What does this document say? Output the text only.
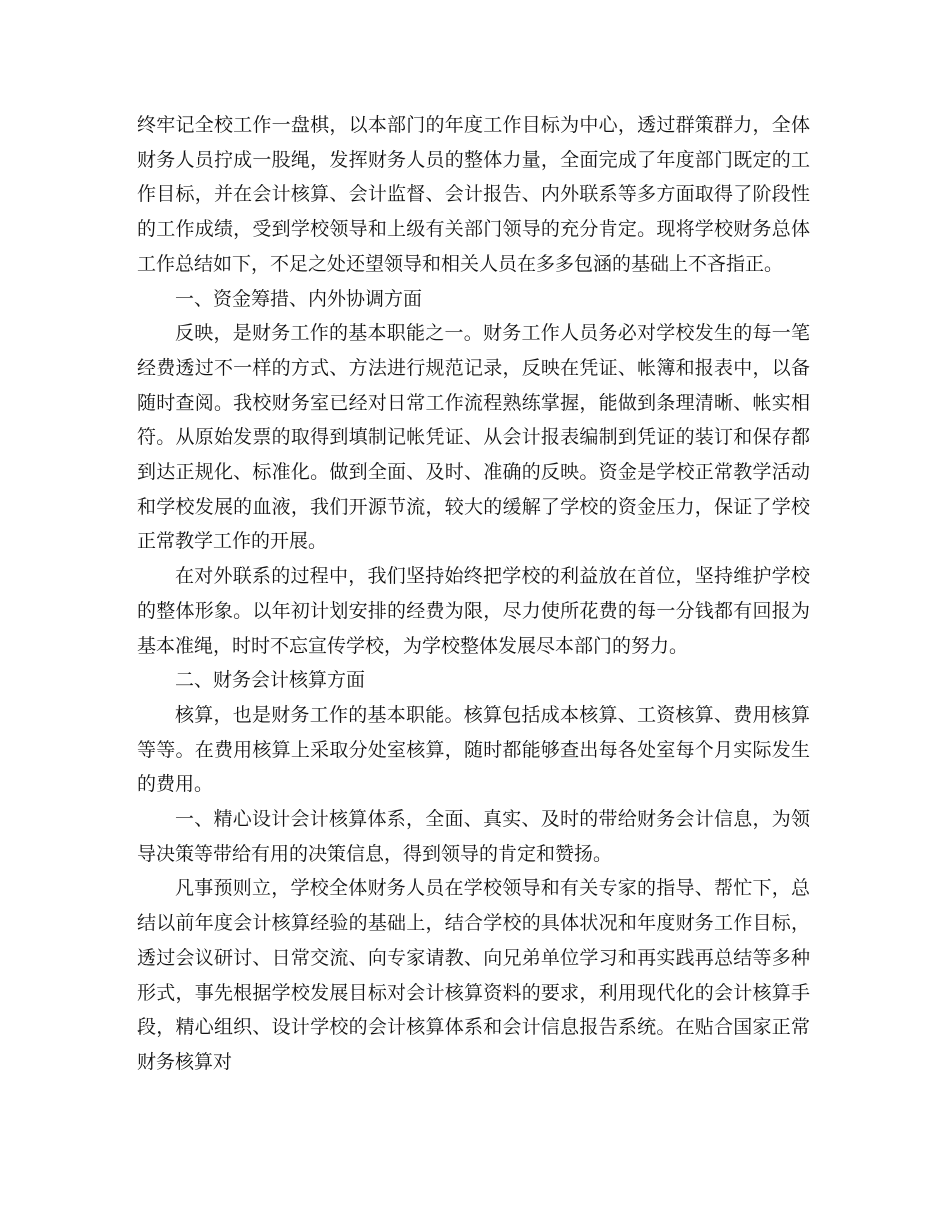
终牢记全校工作一盘棋，以本部门的年度工作目标为中心，透过群策群力，全体财务人员拧成一股绳，发挥财务人员的整体力量，全面完成了年度部门既定的工作目标，并在会计核算、会计监督、会计报告、内外联系等多方面取得了阶段性的工作成绩，受到学校领导和上级有关部门领导的充分肯定。现将学校财务总体工作总结如下，不足之处还望领导和相关人员在多多包涵的基础上不吝指正。

一、资金筹措、内外协调方面

反映，是财务工作的基本职能之一。财务工作人员务必对学校发生的每一笔经费透过不一样的方式、方法进行规范记录，反映在凭证、帐簿和报表中，以备随时查阅。我校财务室已经对日常工作流程熟练掌握，能做到条理清晰、帐实相符。从原始发票的取得到填制记帐凭证、从会计报表编制到凭证的装订和保存都到达正规化、标准化。做到全面、及时、准确的反映。资金是学校正常教学活动和学校发展的血液，我们开源节流，较大的缓解了学校的资金压力，保证了学校正常教学工作的开展。

在对外联系的过程中，我们坚持始终把学校的利益放在首位，坚持维护学校的整体形象。以年初计划安排的经费为限，尽力使所花费的每一分钱都有回报为基本准绳，时时不忘宣传学校，为学校整体发展尽本部门的努力。

二、财务会计核算方面

核算，也是财务工作的基本职能。核算包括成本核算、工资核算、费用核算等等。在费用核算上采取分处室核算，随时都能够查出每各处室每个月实际发生的费用。

一、精心设计会计核算体系，全面、真实、及时的带给财务会计信息，为领导决策等带给有用的决策信息，得到领导的肯定和赞扬。

凡事预则立，学校全体财务人员在学校领导和有关专家的指导、帮忙下，总结以前年度会计核算经验的基础上，结合学校的具体状况和年度财务工作目标，透过会议研讨、日常交流、向专家请教、向兄弟单位学习和再实践再总结等多种形式，事先根据学校发展目标对会计核算资料的要求，利用现代化的会计核算手段，精心组织、设计学校的会计核算体系和会计信息报告系统。在贴合国家正常财务核算对
